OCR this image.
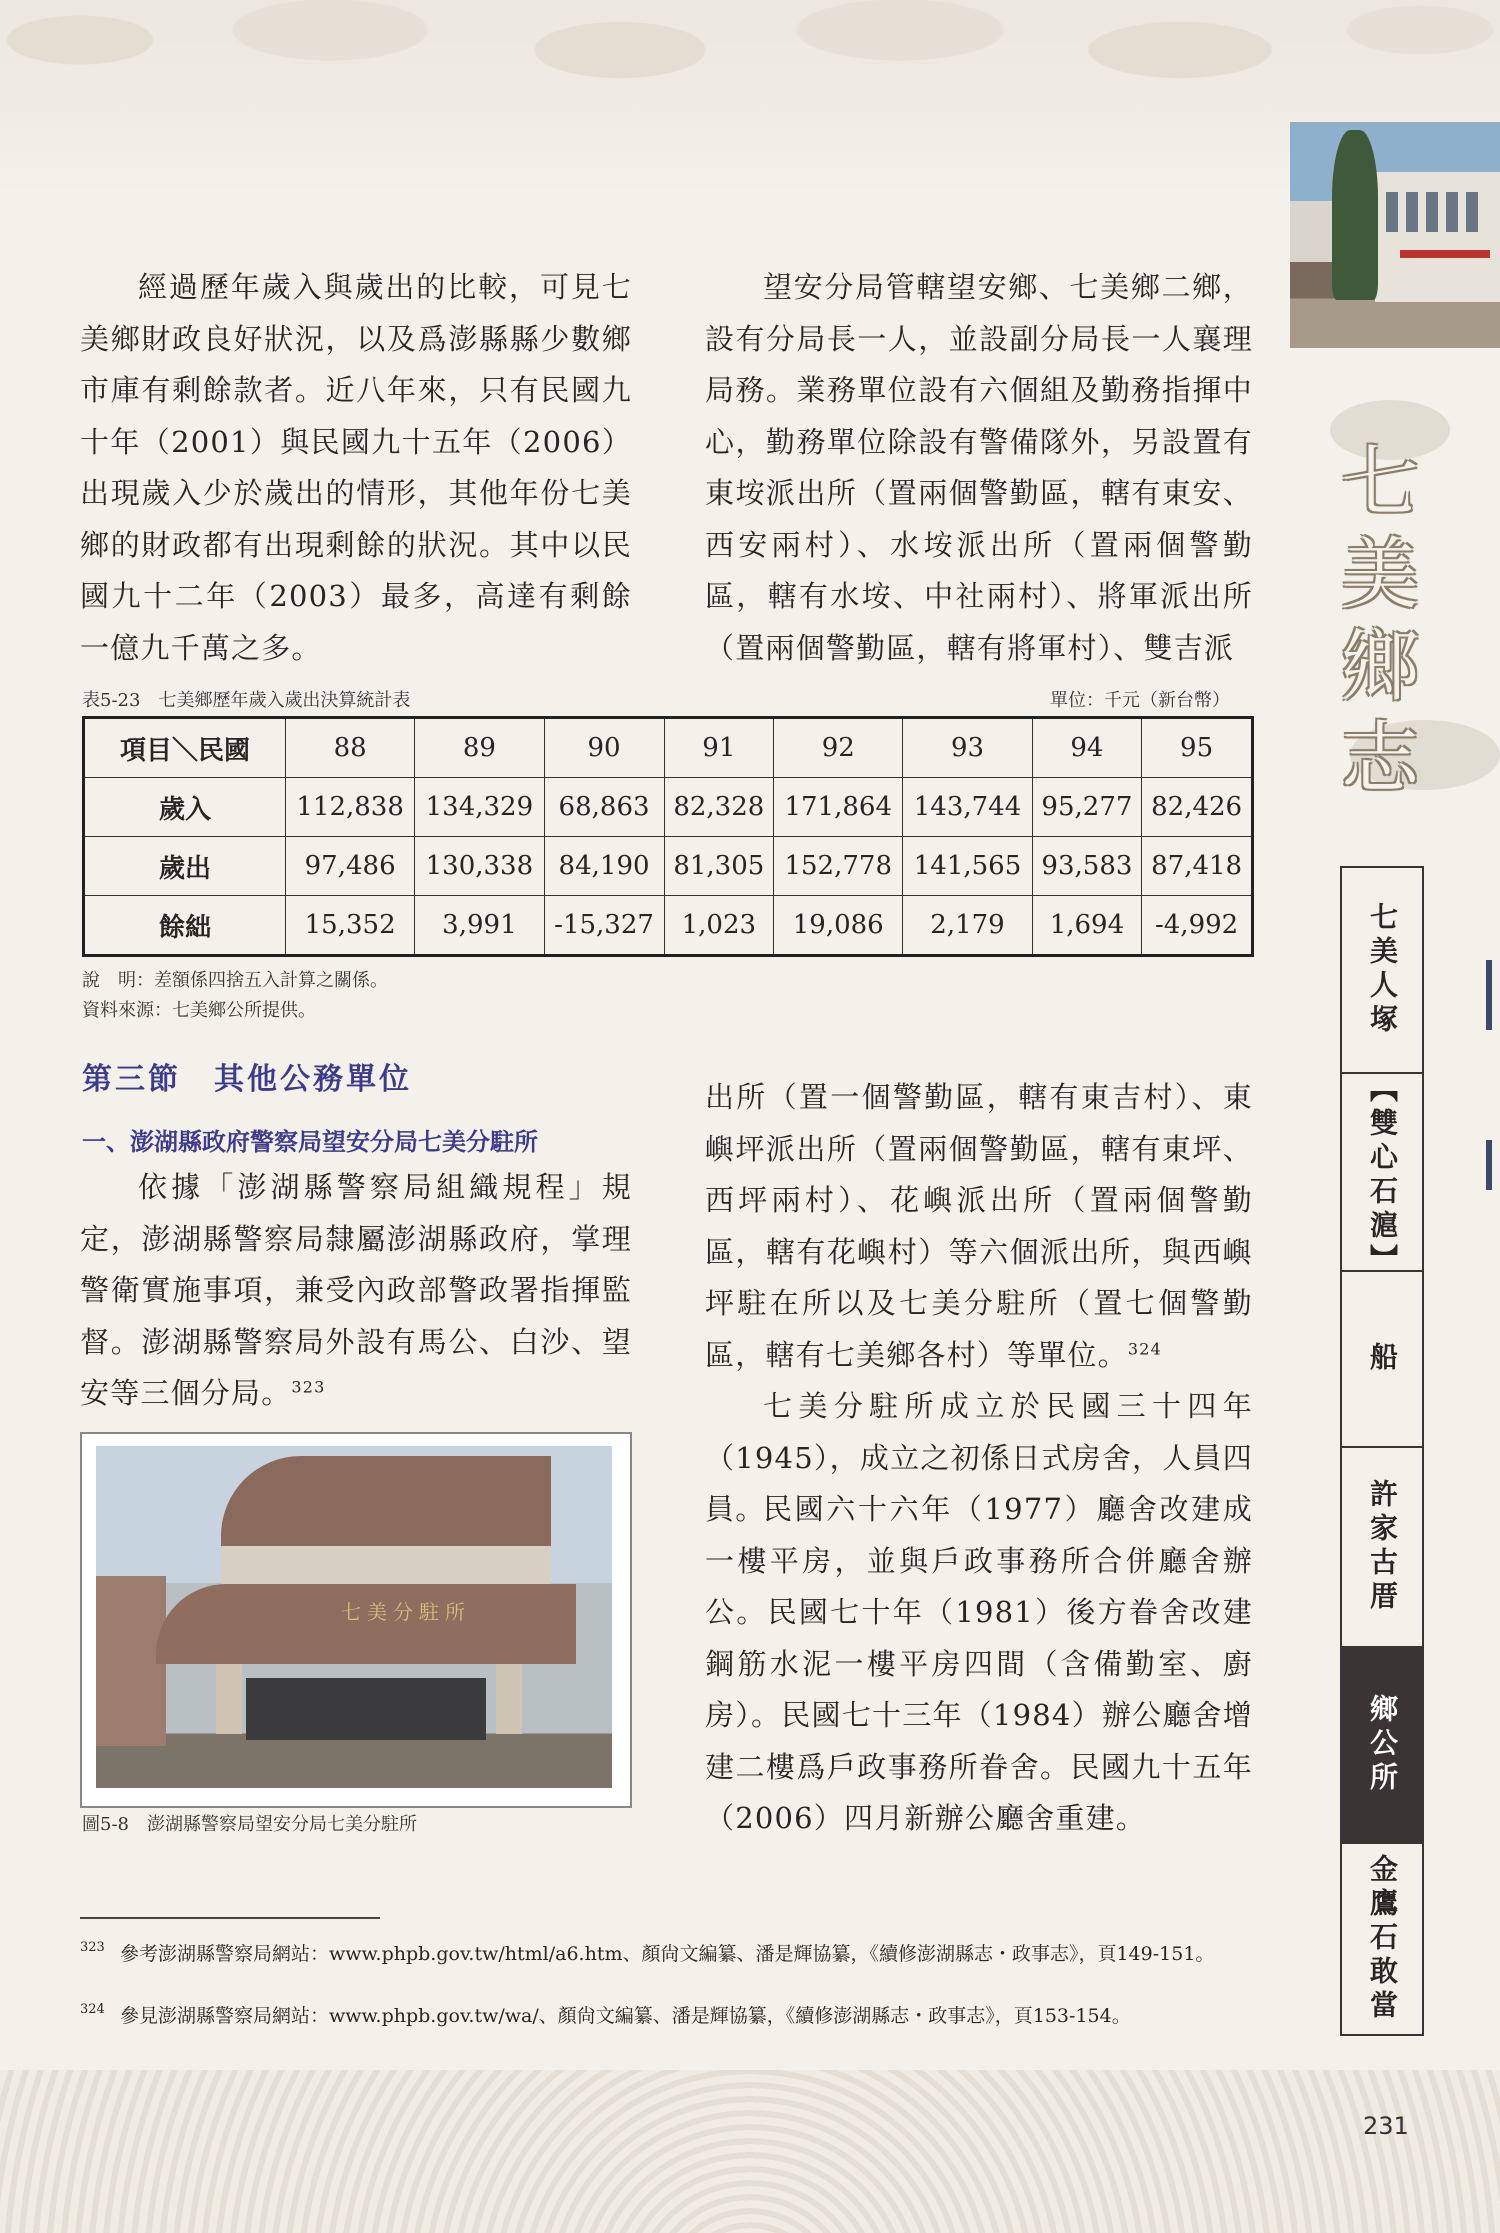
經過歷年歲入與歲出的比較，可見七美鄉財政良好狀況，以及爲澎縣縣少數鄉市庫有剩餘款者。近八年來，只有民國九十年（2001）與民國九十五年（2006）出現歲入少於歲出的情形，其他年份七美鄉的財政都有出現剩餘的狀況。其中以民國九十二年（2003）最多，高達有剩餘一億九千萬之多。

望安分局管轄望安鄉、七美鄉二鄉，設有分局長一人，並設副分局長一人襄理局務。業務單位設有六個組及勤務指揮中心，勤務單位除設有警備隊外，另設置有東垵派出所（置兩個警勤區，轄有東安、西安兩村）、水垵派出所（置兩個警勤區，轄有水垵、中社兩村）、將軍派出所（置兩個警勤區，轄有將軍村）、雙吉派

表5-23　七美鄉歷年歲入歲出決算統計表	單位：千元（新台幣）
項目＼民國	88	89	90	91	92	93	94	95
歲入	112,838	134,329	68,863	82,328	171,864	143,744	95,277	82,426
歲出	97,486	130,338	84,190	81,305	152,778	141,565	93,583	87,418
餘絀	15,352	3,991	-15,327	1,023	19,086	2,179	1,694	-4,992
說　明：差額係四捨五入計算之關係。
資料來源：七美鄉公所提供。
第三節　其他公務單位
一、澎湖縣政府警察局望安分局七美分駐所

依據「澎湖縣警察局組織規程」規定，澎湖縣警察局隸屬澎湖縣政府，掌理警衛實施事項，兼受內政部警政署指揮監督。澎湖縣警察局外設有馬公、白沙、望安等三個分局。$^{323}$

七美分駐所
圖5-8　澎湖縣警察局望安分局七美分駐所

出所（置一個警勤區，轄有東吉村）、東嶼坪派出所（置兩個警勤區，轄有東坪、西坪兩村）、花嶼派出所（置兩個警勤區，轄有花嶼村）等六個派出所，與西嶼坪駐在所以及七美分駐所（置七個警勤區，轄有七美鄉各村）等單位。$^{324}$

七美分駐所成立於民國三十四年（1945），成立之初係日式房舍，人員四員。

民國六十六年（1977）廳舍改建成一樓平房，並與戶政事務所合併廳舍辦公。民國七十年（1981）後方眷舍改建鋼筋水泥一樓平房四間（含備勤室、廚房）。民國七十三年（1984）辦公廳舍增建二樓爲戶政事務所眷舍。民國九十五年（2006）四月新辦公廳舍重建。

323 參考澎湖縣警察局網站：www.phpb.gov.tw/html/a6.htm、顏尙文編纂、潘是輝協纂，《續修澎湖縣志・政事志》，頁149-151。
324 參見澎湖縣警察局網站：www.phpb.gov.tw/wa/、顏尙文編纂、潘是輝協纂，《續修澎湖縣志・政事志》，頁153-154。
七
美
鄉
志
七美人塚
【雙心石滬】
船
許家古厝
鄉公所
金鷹石敢當
231
